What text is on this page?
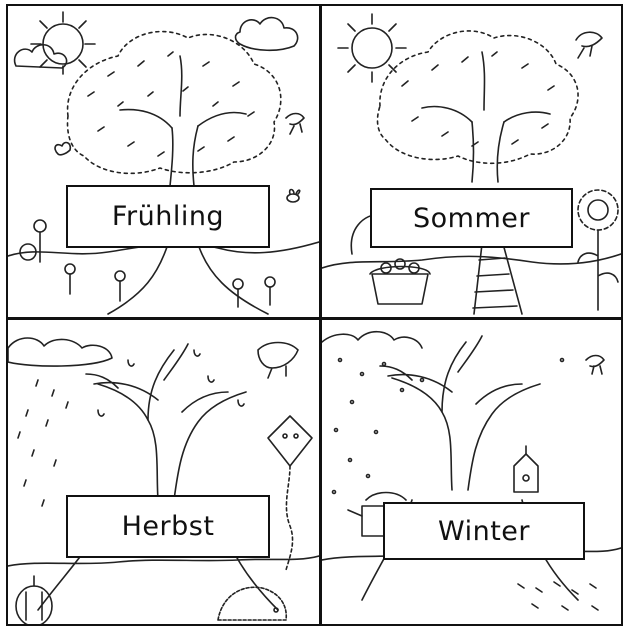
Frühling	Sommer
Herbst	Winter
